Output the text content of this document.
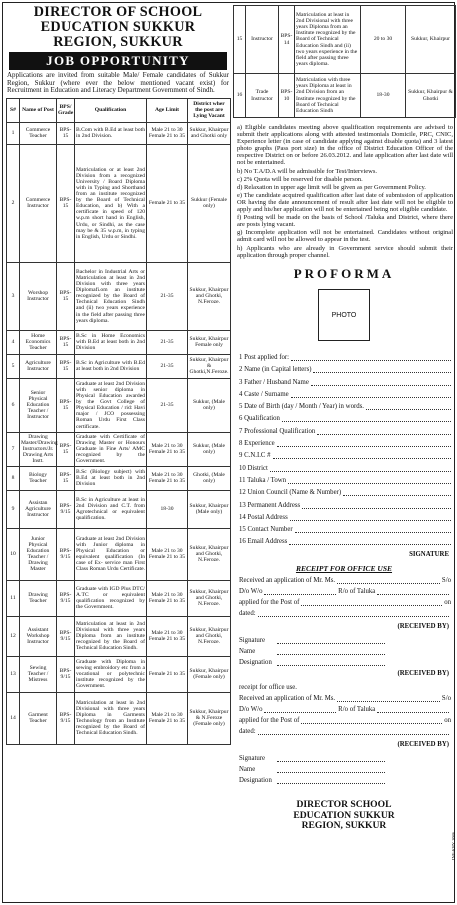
DIRECTOR OF SCHOOL
EDUCATION SUKKUR
REGION, SUKKUR
JOB OPPORTUNITY
Applications are invited from suitable Male/ Female candidates of Sukkur Region, Sukkur (where ever the below mentioned vacant exist) for Recruitment in Education and Literacy Department Government of Sindh.
S#	Name of Post	BPS/ Grade	Qualification	Age Limit	District wher the post are Lying Vacant
1	Commerce Teacher	BPS-15	B.Com with B.Ed at least both in 2nd Division.	Male 21 to 30 Female 21 to 35	Sukkur, Khairpur and Ghotki only
2	Commerce Instructor	BPS-15	Matriculation or at least 2nd Division from a recognized University / Board Diploma with in Typing and Shorthand from an institute recognized by the Board of Technical Education, and b) With a certificate in speed of 120 w.p.m short hand in English, Urdu, or Sindhi, as the case may be & 35 w.p.m, in typing in English, Urdu or Sindhi.	Female 21 to 35	Sukkur (Female only)
3	Worshop Instructor	BPS-15	Bachelor in Industrial Arts or Matriculation at least in 2nd Division with three years Diplomafi.om an institute recognized by the Board of Technical Education Sindh and (ii) two years experience in the field after passing three years diploma.	21-35	Sukkur, Khairpur and Ghotki, N.Feroze.
4	Home Economics Teacher	BPS-15	B.Sc in Home Economics with B.Ed at least both in 2nd Division	21-35	Sukkur, Khairpur Female only
5	Agriculture Instructor	BPS-15	B.Sc in Agriculture with B.Ed at least both in 2nd Division	21-35	Sukkur, Khairpur & Ghotki,N.Feroze.
6	Senior Physical Education Teacher / Instructor	BPS-15	Graduate at least 2nd Division with senior diploma in Physical Education awarded by the Govt College of Physical Education / rid: Havi major / JCO possessing Roman Urdu First Class certificate.	21-35	Sukkur, (Male only)
7	Drawing Master/Drawing Instructors/Jr. Drawing Arts Instt.	BPS-15	Graduate with Certificate of Drawing Master or Honours Graduate in Fine Arts/ AMC recognized by the Government.	Male 21 to 30 Female 21 to 35	Sukkur, (Male only)
8	Biology Teacher	BPS-15	B.Sc (Biology subject) with B.Ed at least both in 2nd Division	Male 21 to 30 Female 21 to 35	Ghotki, (Male only)
9	Assistan Agriculture Instructor	BPS-9/15	B.Sc in Agriculture at least in 2nd Division and C.T. from Agrotechnical or equivalent qualification.	18-30	Sukkur, Khairpur (Male only)
10	Junior Physical Education Teacher / Drawing Master	BPS-9/15	Graduate at least 2nd Division with Junior diploma in Physical Education or equivalent qualification (In case of Ex- service man First Class Roman Urdu Certificate.	Male 21 to 30 Female 21 to 35	Sukkur, Khairpur and Ghotki, N.Feroze.
11	Drawing Teacher	BPS-9/15	Graduate with IGD Plus DTC/ A.TC or equivalent qualification recognized by the Government.	Male 21 to 30 Female 21 to 35	Sukkur, Khairpur and Ghotki, N.Feroze.
12	Assistant Workshop Instructor	BPS-9/15	Matriculation at least in 2nd Divisional with three years Diploma from an institute recognized by the Board of Technical Education Sindh.	Male 21 to 30 Female 21 to 35	Sukkur, Khairpur and Ghotki, N.Feroze.
13	Sewing Teacher / Mistress	BPS-9/15	Graduate with Diploma in sewing embroidory etc from a vocational or polytechnic institute recognized by the Government.	Female 21 to 35	Sukkur, Khairpur (Female only)
14	Garment Teacher	BPS-9/15	Matriculation at least in 2nd Divisional with three years Diploma in Garments Technology from an Institute recognized by the Board of Technical Education Sindh.	Male 21 to 30 Female 21 to 35	Sukkur, Khairpur & N.Feroze (Female only)
15	Instructor	BPS-14	Matriculation at least in 2nd Divisional with three years Diploma from an Institute recognized by the Board of Technical Education Sindh and (ii) two years experience in the field after passing three years diploma.	20 to 30	Sukkur, Khairpur
16	Trade Instructor	BPS-10	Matriculation with three years Diploma at least in 2nd Division from an Institute recognized by the Board of Technical Education Sindh	18-30	Sukkur, Khairpur & Ghotki

a) Eligible candidates meeting above qualification requirements are advised to submit their applications along with attested testimonials Domicile, PRC, CNIC, Experience letter (in case of candidate applying against disable quota) and 3 latest photo graphs (Pass port size) in the office of District Education Officer of the respective District on or before 26.03.2012. and late application after last date will not be entertained.

b) No T.A/D.A will be admissible for Test/Interviews.

c) 2% Quota will be reserved for disable person.

d) Relaxation in upper age limit will be given as per Government Policy.

e) The candidate acquired qualification after last date of submission of application OR having the date announcement of result after last date will not be eligible to apply and his/her application will not be entertained being not eligible candidate.

f) Posting will be made on the basis of School /Taluka and District, where there are posts lying vacant.

g) Incomplete application will not be entertained. Candidates without original admit card will not be allowed to appear in the test.

h) Applicants who are already in Government service should submit their application through proper channel.

PROFORMA
PHOTO
1 Post applied for:
2 Name (in Capital letters)
3 Father / Husband Name
4 Caste / Surname
5 Date of Birth (day / Month / Year) in words.
6 Qualification
7 Professional Qualification
8 Experience
9 C.N.I.C #
10 District
11 Taluka / Town
12 Union Council (Name & Number)
13 Permanent Address
14 Postal Address
15 Contact Number
16 Email Address
SIGNATURE
RECEIPT FOR OFFICE USE
Received an application of Mr. Ms.	S/o
D/o W/o	R/o of Taluka
applied for the Post of	on
dated:
(RECEIVED BY)
Signature
Name
Designation
(RECEIVED BY)
receipt for office use.
Received an application of Mr. Ms.	S/o
D/o W/o	R/o of Taluka
applied for the Post of	on
dated:
(RECEIVED BY)
Signature
Name
Designation
DIRECTOR SCHOOL
EDUCATION SUKKUR
REGION, SUKKUR
INF-KRY 1086
